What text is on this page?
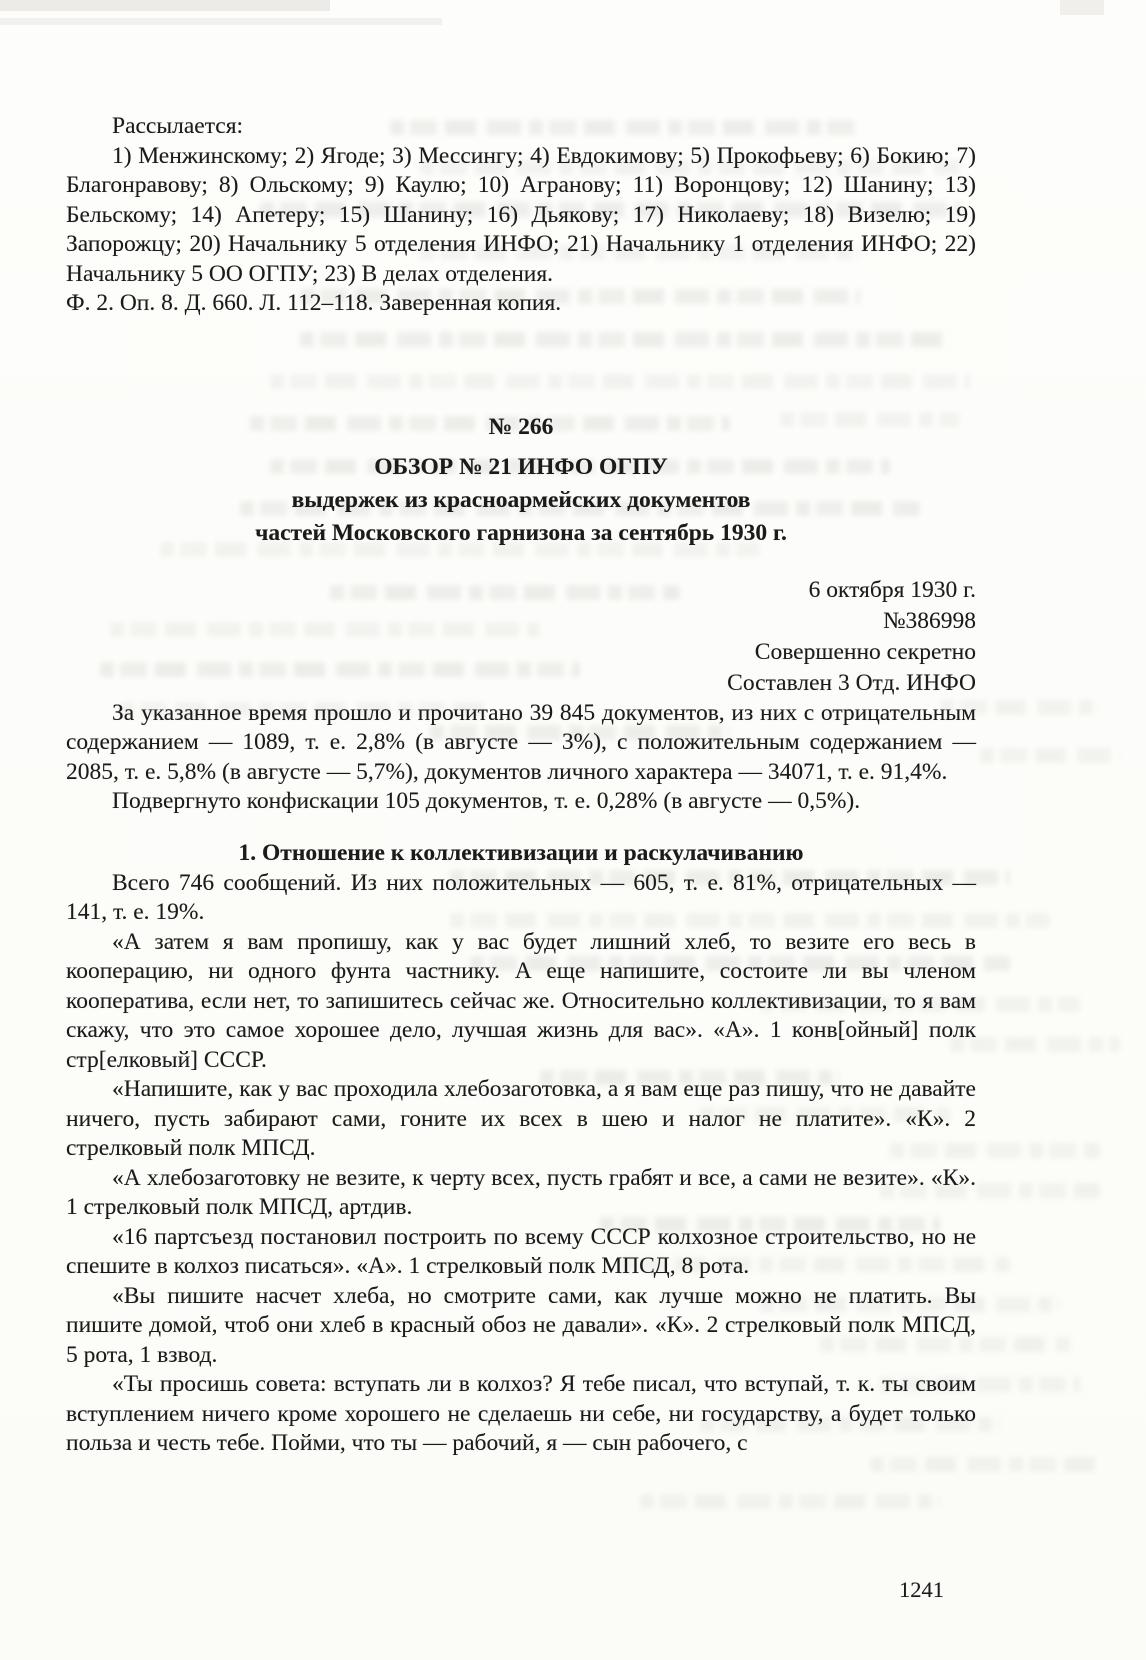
Рассылается:

1) Менжинскому; 2) Ягоде; 3) Мессингу; 4) Евдокимову; 5) Прокофьеву; 6) Бокию; 7) Благонравову; 8) Ольскому; 9) Каулю; 10) Агранову; 11) Воронцову; 12) Шанину; 13) Бельскому; 14) Апетеру; 15) Шанину; 16) Дьякову; 17) Николаеву; 18) Визелю; 19) Запорожцу; 20) Начальнику 5 отделения ИНФО; 21) Начальнику 1 отделения ИНФО; 22) Начальнику 5 ОО ОГПУ; 23) В делах отделения.

Ф. 2. Оп. 8. Д. 660. Л. 112–118. Заверенная копия.

№ 266
ОБЗОР № 21 ИНФО ОГПУ
выдержек из красноармейских документов
частей Московского гарнизона за сентябрь 1930 г.
6 октября 1930 г.
№386998
Совершенно секретно
Составлен 3 Отд. ИНФО

За указанное время прошло и прочитано 39 845 документов, из них с отрицательным содержанием — 1089, т. е. 2,8% (в августе — 3%), с положительным содержанием — 2085, т. е. 5,8% (в августе — 5,7%), документов личного характера — 34071, т. е. 91,4%.

Подвергнуто конфискации 105 документов, т. е. 0,28% (в августе — 0,5%).

1. Отношение к коллективизации и раскулачиванию

Всего 746 сообщений. Из них положительных — 605, т. е. 81%, отрицательных — 141, т. е. 19%.

«А затем я вам пропишу, как у вас будет лишний хлеб, то везите его весь в кооперацию, ни одного фунта частнику. А еще напишите, состоите ли вы членом кооператива, если нет, то запишитесь сейчас же. Относительно коллективизации, то я вам скажу, что это самое хорошее дело, лучшая жизнь для вас». «А». 1 конв[ойный] полк стр[елковый] СССР.

«Напишите, как у вас проходила хлебозаготовка, а я вам еще раз пишу, что не давайте ничего, пусть забирают сами, гоните их всех в шею и налог не платите». «К». 2 стрелковый полк МПСД.

«А хлебозаготовку не везите, к черту всех, пусть грабят и все, а сами не везите». «К». 1 стрелковый полк МПСД, артдив.

«16 партсъезд постановил построить по всему СССР колхозное строительство, но не спешите в колхоз писаться». «А». 1 стрелковый полк МПСД, 8 рота.

«Вы пишите насчет хлеба, но смотрите сами, как лучше можно не платить. Вы пишите домой, чтоб они хлеб в красный обоз не давали». «К». 2 стрелковый полк МПСД, 5 рота, 1 взвод.

«Ты просишь совета: вступать ли в колхоз? Я тебе писал, что вступай, т. к. ты своим вступлением ничего кроме хорошего не сделаешь ни себе, ни государству, а будет только польза и честь тебе. Пойми, что ты — рабочий, я — сын рабочего, с

1241
